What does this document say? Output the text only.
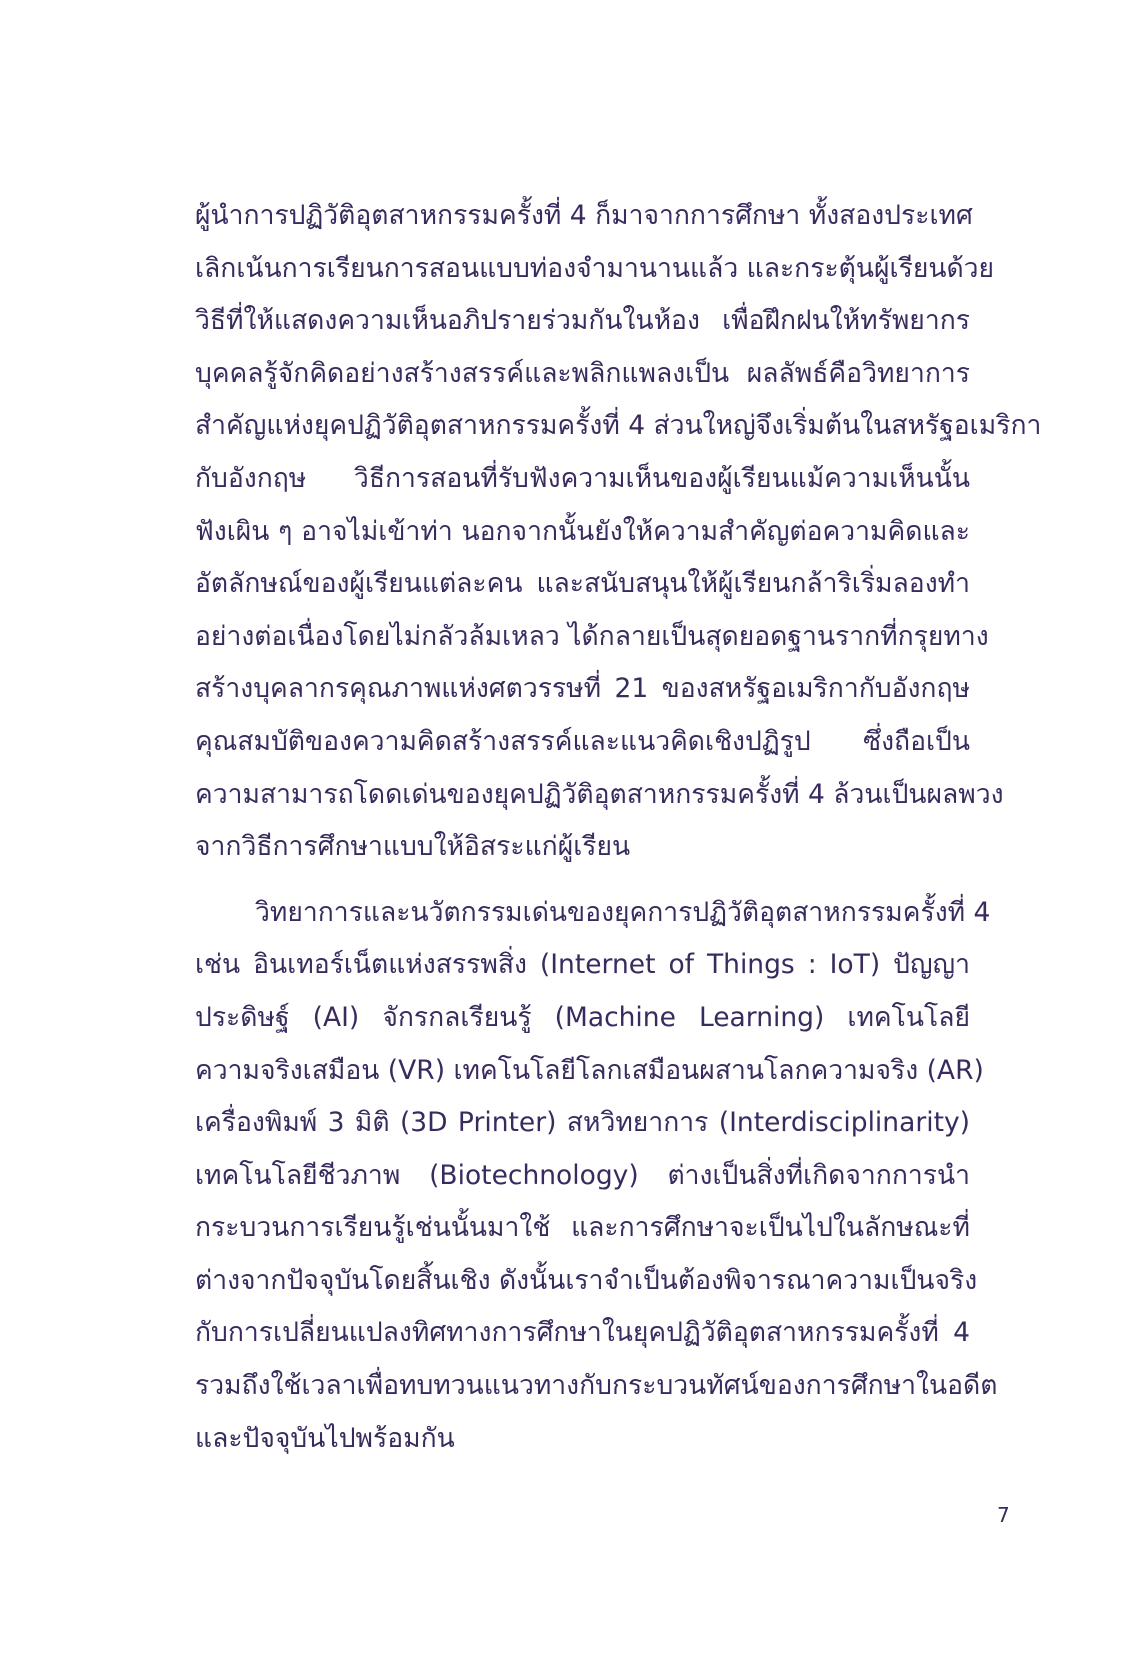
ผู้นำการปฏิวัติอุตสาหกรรมครั้งที่ 4 ก็มาจากการศึกษา ทั้งสองประเทศ
เลิกเน้นการเรียนการสอนแบบท่องจำมานานแล้ว และกระตุ้นผู้เรียนด้วย
วิธีที่ให้แสดงความเห็นอภิปรายร่วมกันในห้อง เพื่อฝึกฝนให้ทรัพยากร
บุคคลรู้จักคิดอย่างสร้างสรรค์และพลิกแพลงเป็น ผลลัพธ์คือวิทยาการ
สำคัญแห่งยุคปฏิวัติอุตสาหกรรมครั้งที่ 4 ส่วนใหญ่จึงเริ่มต้นในสหรัฐอเมริกา
กับอังกฤษ วิธีการสอนที่รับฟังความเห็นของผู้เรียนแม้ความเห็นนั้น
ฟังเผิน ๆ อาจไม่เข้าท่า นอกจากนั้นยังให้ความสำคัญต่อความคิดและ
อัตลักษณ์ของผู้เรียนแต่ละคน และสนับสนุนให้ผู้เรียนกล้าริเริ่มลองทำ
อย่างต่อเนื่องโดยไม่กลัวล้มเหลว ได้กลายเป็นสุดยอดฐานรากที่กรุยทาง
สร้างบุคลากรคุณภาพแห่งศตวรรษที่ 21 ของสหรัฐอเมริกากับอังกฤษ
คุณสมบัติของความคิดสร้างสรรค์และแนวคิดเชิงปฏิรูป ซึ่งถือเป็น
ความสามารถโดดเด่นของยุคปฏิวัติอุตสาหกรรมครั้งที่ 4 ล้วนเป็นผลพวง
จากวิธีการศึกษาแบบให้อิสระแก่ผู้เรียน
วิทยาการและนวัตกรรมเด่นของยุคการปฏิวัติอุตสาหกรรมครั้งที่ 4
เช่น อินเทอร์เน็ตแห่งสรรพสิ่ง (Internet of Things : IoT) ปัญญา
ประดิษฐ์ (AI) จักรกลเรียนรู้ (Machine Learning) เทคโนโลยี
ความจริงเสมือน (VR) เทคโนโลยีโลกเสมือนผสานโลกความจริง (AR)
เครื่องพิมพ์ 3 มิติ (3D Printer) สหวิทยาการ (Interdisciplinarity)
เทคโนโลยีชีวภาพ (Biotechnology) ต่างเป็นสิ่งที่เกิดจากการนำ
กระบวนการเรียนรู้เช่นนั้นมาใช้ และการศึกษาจะเป็นไปในลักษณะที่
ต่างจากปัจจุบันโดยสิ้นเชิง ดังนั้นเราจำเป็นต้องพิจารณาความเป็นจริง
กับการเปลี่ยนแปลงทิศทางการศึกษาในยุคปฏิวัติอุตสาหกรรมครั้งที่ 4
รวมถึงใช้เวลาเพื่อทบทวนแนวทางกับกระบวนทัศน์ของการศึกษาในอดีต
และปัจจุบันไปพร้อมกัน
7
